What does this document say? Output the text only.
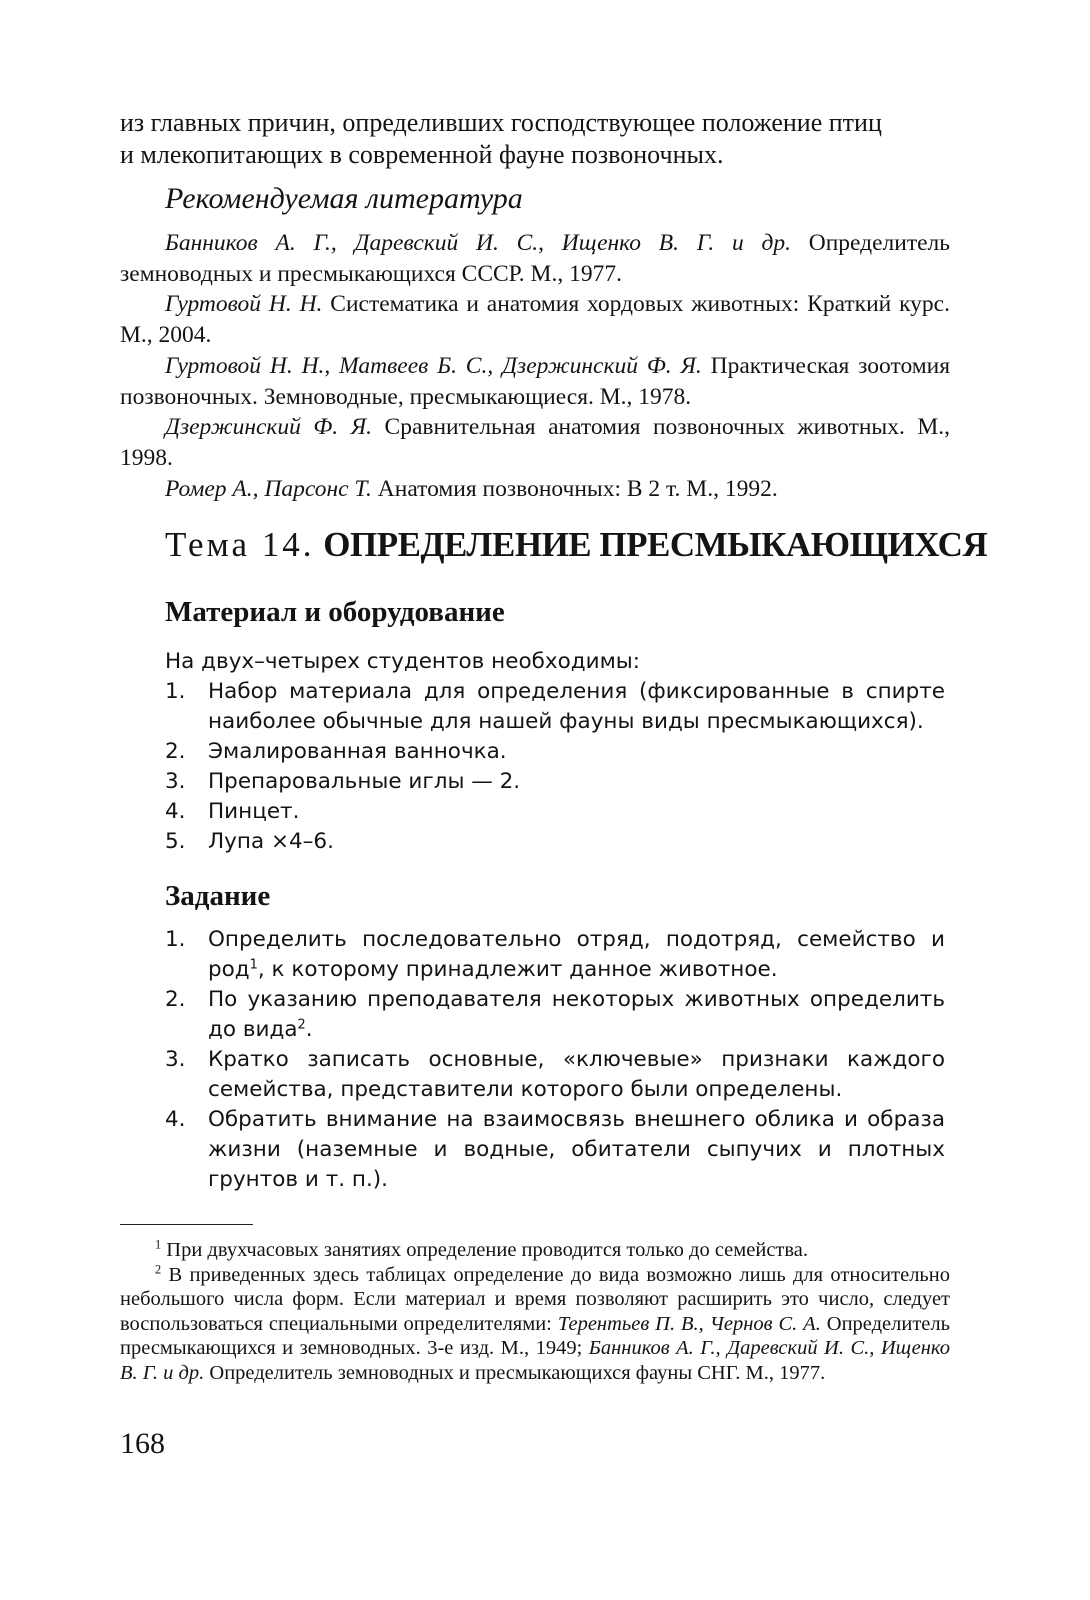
из главных причин, определивших господствующее положение птиц

и млекопитающих в современной фауне позвоночных.

Рекомендуемая литература

Банников А. Г., Даревский И. С., Ищенко В. Г. и др. Определитель земноводных и пресмыкающихся СССР. М., 1977.

Гуртовой Н. Н. Систематика и анатомия хордовых животных: Краткий курс. М., 2004.

Гуртовой Н. Н., Матвеев Б. С., Дзержинский Ф. Я. Практическая зоотомия позвоночных. Земноводные, пресмыкающиеся. М., 1978.

Дзержинский Ф. Я. Сравнительная анатомия позвоночных животных. М., 1998.

Ромер А., Парсонс Т. Анатомия позвоночных: В 2 т. М., 1992.

Тема 14. ОПРЕДЕЛЕНИЕ ПРЕСМЫКАЮЩИХСЯ
Материал и оборудование
На двух–четырех студентов необходимы:
1. Набор материала для определения (фиксированные в спирте наиболее обычные для нашей фауны виды пресмыкающихся).
2. Эмалированная ванночка.
3. Препаровальные иглы — 2.
4. Пинцет.
5. Лупа ×4–6.
Задание
1. Определить последовательно отряд, подотряд, семейство и род$^1$, к которому принадлежит данное животное.
2. По указанию преподавателя некоторых животных определить до вида$^2$.
3. Кратко записать основные, «ключевые» признаки каждого семейства, представители которого были определены.
4. Обратить внимание на взаимосвязь внешнего облика и образа жизни (наземные и водные, обитатели сыпучих и плотных грунтов и т. п.).

$^1$ При двухчасовых занятиях определение проводится только до семейства.

$^2$ В приведенных здесь таблицах определение до вида возможно лишь для относительно небольшого числа форм. Если материал и время позволяют расширить это число, следует воспользоваться специальными определителями: Терентьев П. В., Чернов С. А. Определитель пресмыкающихся и земноводных. 3-е изд. М., 1949; Банников А. Г., Даревский И. С., Ищенко В. Г. и др. Определитель земноводных и пресмыкающихся фауны СНГ. М., 1977.

168
